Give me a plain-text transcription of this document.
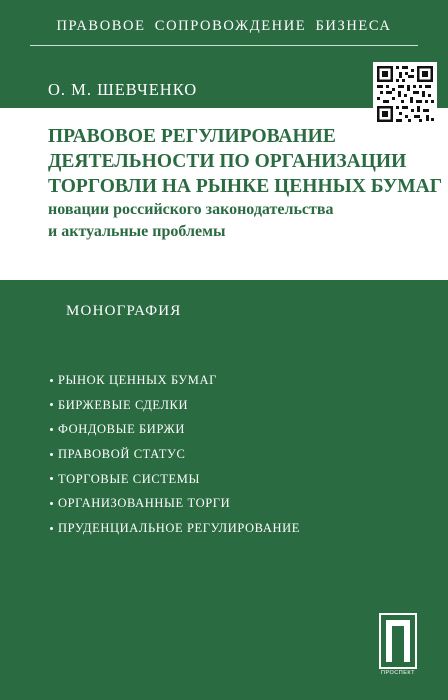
ПРАВОВОЕ СОПРОВОЖДЕНИЕ БИЗНЕСА
О. М. ШЕВЧЕНКО
ПРАВОВОЕ РЕГУЛИРОВАНИЕ
ДЕЯТЕЛЬНОСТИ ПО ОРГАНИЗАЦИИ
ТОРГОВЛИ НА РЫНКЕ ЦЕННЫХ БУМАГ
новации российского законодательства
и актуальные проблемы
МОНОГРАФИЯ
РЫНОК ЦЕННЫХ БУМАГ
БИРЖЕВЫЕ СДЕЛКИ
ФОНДОВЫЕ БИРЖИ
ПРАВОВОЙ СТАТУС
ТОРГОВЫЕ СИСТЕМЫ
ОРГАНИЗОВАННЫЕ ТОРГИ
ПРУДЕНЦИАЛЬНОЕ РЕГУЛИРОВАНИЕ
ПРОСПЕКТ
